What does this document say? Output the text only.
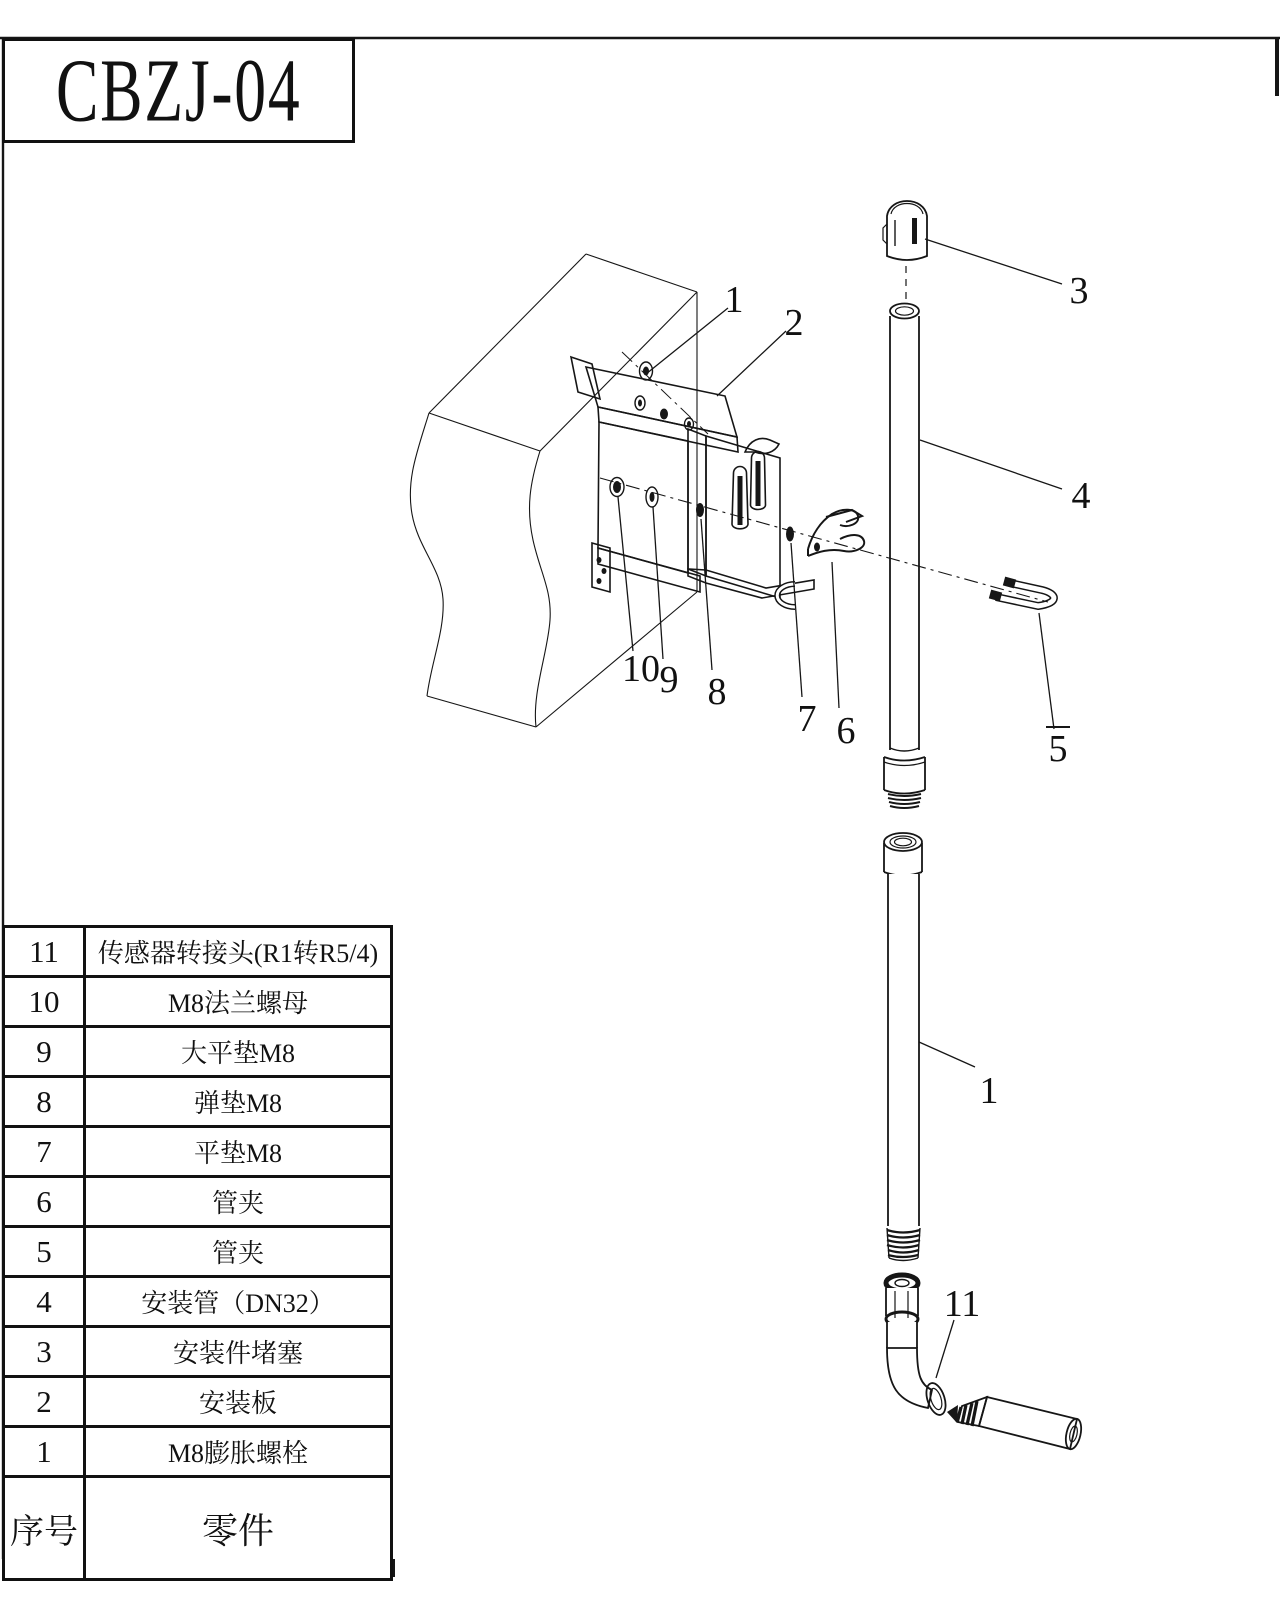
1
2
3
4
10 9 8
7 6	5
1
11
CBZJ-04
11	传感器转接头(R1转R5/4)
10	M8法兰螺母
9	大平垫M8
8	弹垫M8
7	平垫M8
6	管夹
5	管夹
4	安装管（DN32）
3	安装件堵塞
2	安装板
1	M8膨胀螺栓
序号	零件
